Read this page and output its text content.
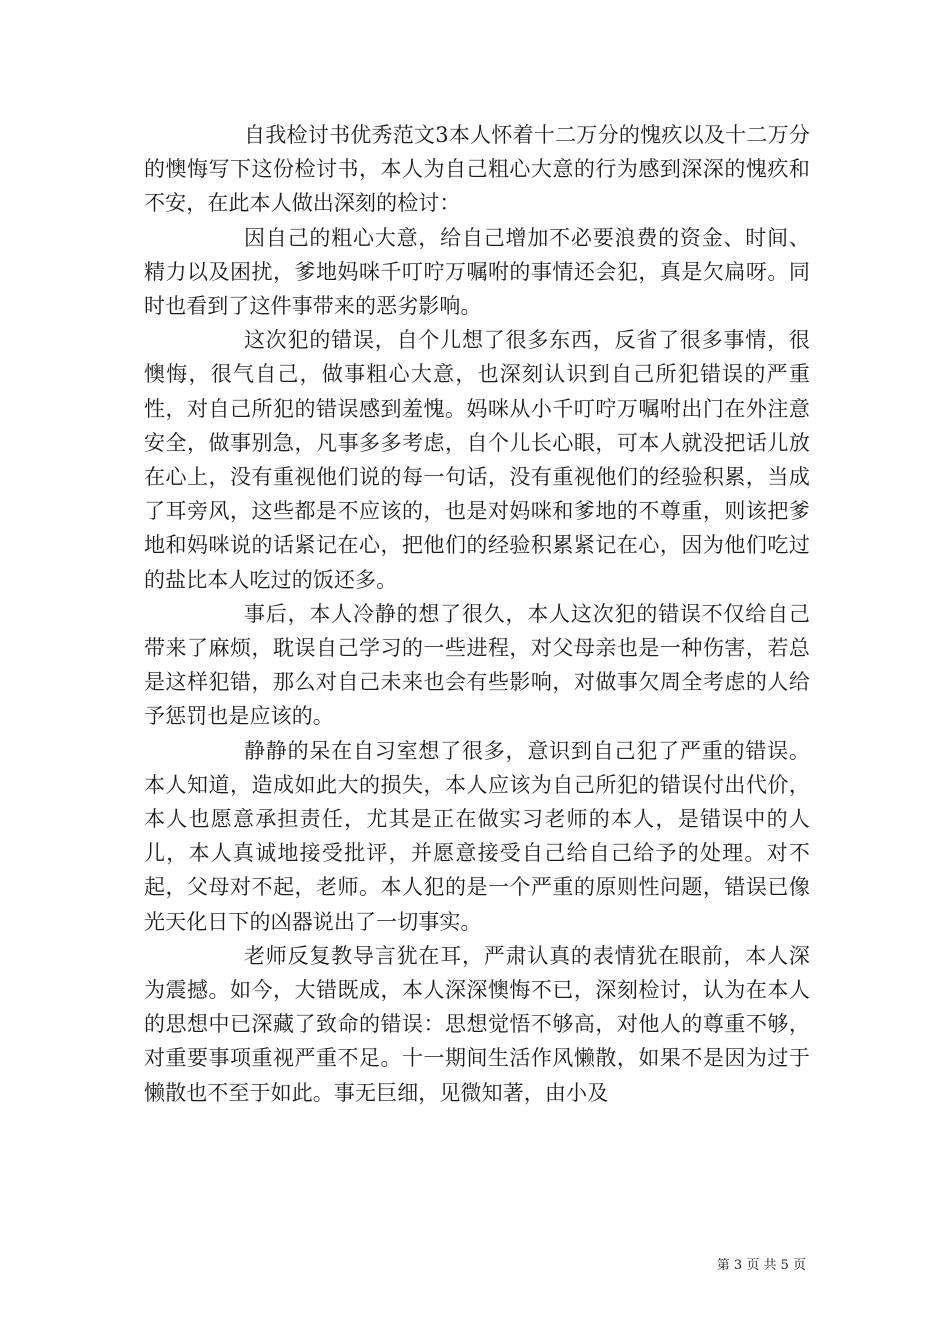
自我检讨书优秀范文3本人怀着十二万分的愧疚以及十二万分的懊悔写下这份检讨书，本人为自己粗心大意的行为感到深深的愧疚和不安，在此本人做出深刻的检讨：

因自己的粗心大意，给自己增加不必要浪费的资金、时间、精力以及困扰，爹地妈咪千叮咛万嘱咐的事情还会犯，真是欠扁呀。同时也看到了这件事带来的恶劣影响。

这次犯的错误，自个儿想了很多东西，反省了很多事情，很懊悔，很气自己，做事粗心大意，也深刻认识到自己所犯错误的严重性，对自己所犯的错误感到羞愧。妈咪从小千叮咛万嘱咐出门在外注意安全，做事别急，凡事多多考虑，自个儿长心眼，可本人就没把话儿放在心上，没有重视他们说的每一句话，没有重视他们的经验积累，当成了耳旁风，这些都是不应该的，也是对妈咪和爹地的不尊重，则该把爹地和妈咪说的话紧记在心，把他们的经验积累紧记在心，因为他们吃过的盐比本人吃过的饭还多。

事后，本人冷静的想了很久，本人这次犯的错误不仅给自己带来了麻烦，耽误自己学习的一些进程，对父母亲也是一种伤害，若总是这样犯错，那么对自己未来也会有些影响，对做事欠周全考虑的人给予惩罚也是应该的。

静静的呆在自习室想了很多，意识到自己犯了严重的错误。本人知道，造成如此大的损失，本人应该为自己所犯的错误付出代价，本人也愿意承担责任，尤其是正在做实习老师的本人，是错误中的人儿，本人真诚地接受批评，并愿意接受自己给自己给予的处理。对不起，父母对不起，老师。本人犯的是一个严重的原则性问题，错误已像光天化日下的凶器说出了一切事实。

老师反复教导言犹在耳，严肃认真的表情犹在眼前，本人深为震撼。如今，大错既成，本人深深懊悔不已，深刻检讨，认为在本人的思想中已深藏了致命的错误：思想觉悟不够高，对他人的尊重不够，对重要事项重视严重不足。十一期间生活作风懒散，如果不是因为过于懒散也不至于如此。事无巨细，见微知著，由小及

第 3 页 共 5 页
